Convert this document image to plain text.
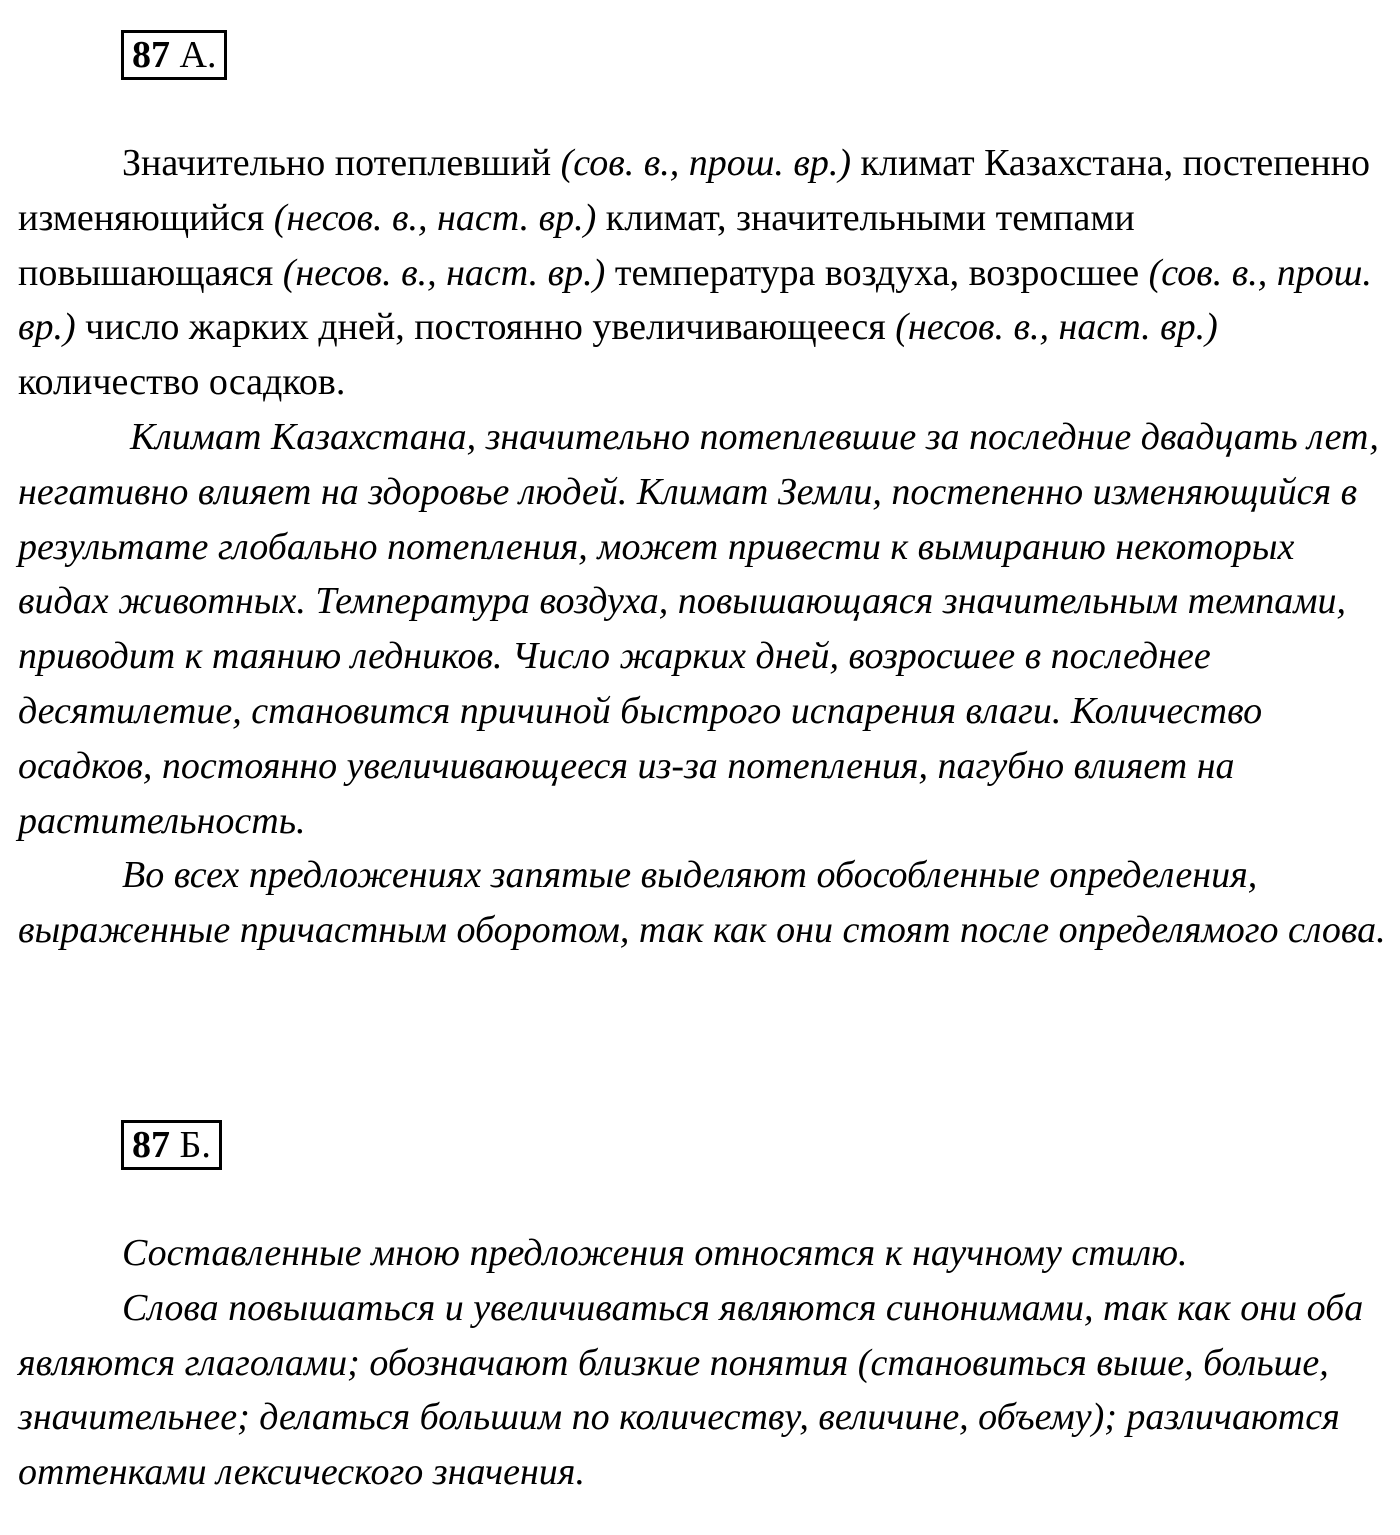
87 А.

Значительно потеплевший (сов. в., прош. вр.) климат Казахстана, постепенно изменяющийся (несов. в., наст. вр.) климат, значительными темпами повышающаяся (несов. в., наст. вр.) температура воздуха, возросшее (сов. в., прош. вр.) число жарких дней, постоянно увеличивающееся (несов. в., наст. вр.) количество осадков.

Климат Казахстана, значительно потеплевшие за последние двадцать лет, негативно влияет на здоровье людей. Климат Земли, постепенно изменяющийся в результате глобально потепления, может привести к вымиранию некоторых видах животных. Температура воздуха, повышающаяся значительным темпами, приводит к таянию ледников. Число жарких дней, возросшее в последнее десятилетие, становится причиной быстрого испарения влаги. Количество осадков, постоянно увеличивающееся из-за потепления, пагубно влияет на растительность.

Во всех предложениях запятые выделяют обособленные определения, выраженные причастным оборотом, так как они стоят после определямого слова.

87 Б.

Составленные мною предложения относятся к научному стилю.

Слова повышаться и увеличиваться являются синонимами, так как они оба являются глаголами; обозначают близкие понятия (становиться выше, больше, значительнее; делаться большим по количеству, величине, объему); различаются оттенками лексического значения.
